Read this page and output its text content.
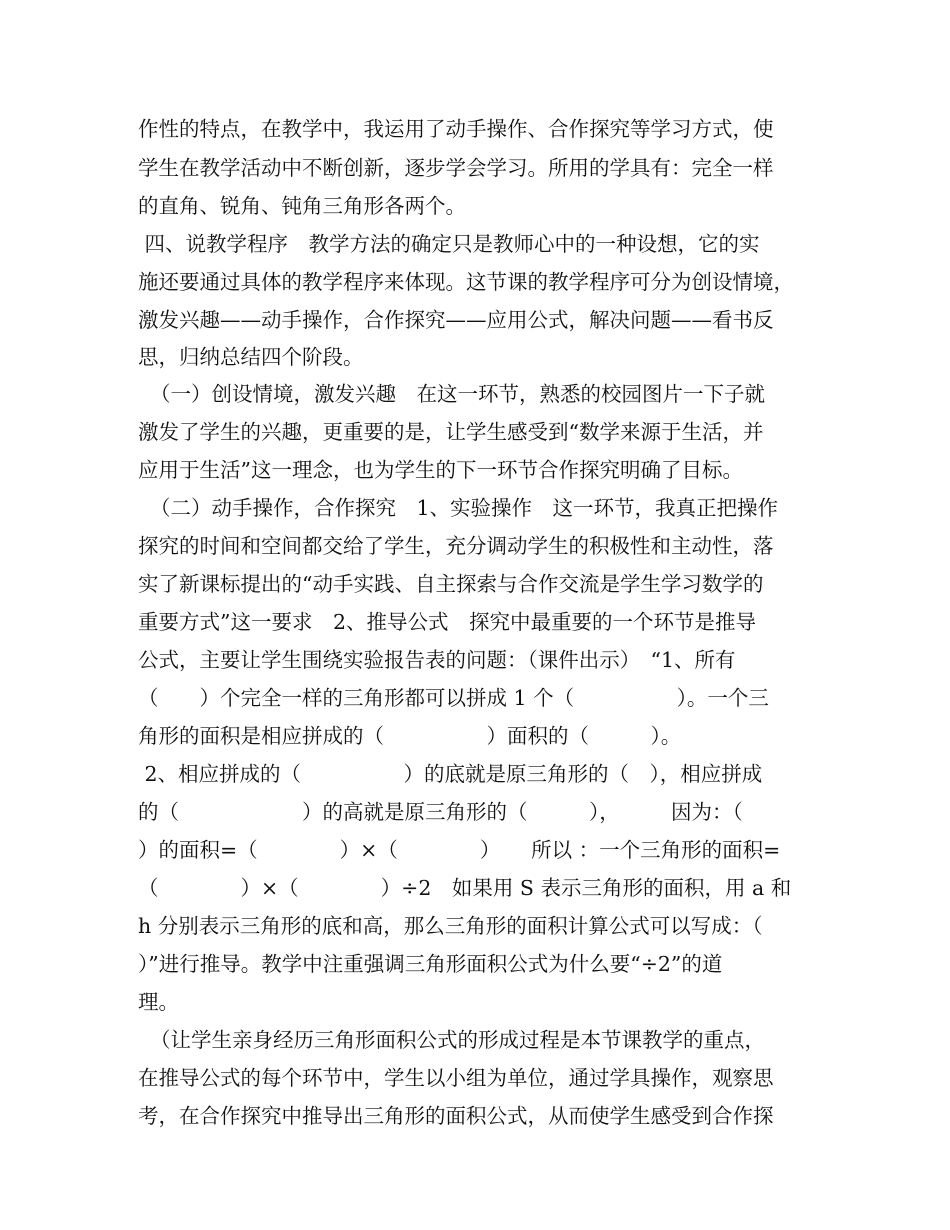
作性的特点，在教学中，我运用了动手操作、合作探究等学习方式，使
学生在教学活动中不断创新，逐步学会学习。所用的学具有：完全一样
的直角、锐角、钝角三角形各两个。
四、说教学程序　教学方法的确定只是教师心中的一种设想，它的实
施还要通过具体的教学程序来体现。这节课的教学程序可分为创设情境，
激发兴趣——动手操作，合作探究——应用公式，解决问题——看书反
思，归纳总结四个阶段。
（一）创设情境，激发兴趣　在这一环节，熟悉的校园图片一下子就
激发了学生的兴趣，更重要的是，让学生感受到“数学来源于生活，并
应用于生活”这一理念，也为学生的下一环节合作探究明确了目标。
（二）动手操作，合作探究　1、实验操作　这一环节，我真正把操作
探究的时间和空间都交给了学生，充分调动学生的积极性和主动性，落
实了新课标提出的“动手实践、自主探索与合作交流是学生学习数学的
重要方式”这一要求　2、推导公式　探究中最重要的一个环节是推导
公式，主要让学生围绕实验报告表的问题：（课件出示）　“1、所有
（　　）个完全一样的三角形都可以拼成 1 个（　　　　　）。一个三
角形的面积是相应拼成的（　　　　　）面积的（　　　）。
2、相应拼成的（　　　　　）的底就是原三角形的（　），相应拼成
的（　　　　　　）的高就是原三角形的（　　　），　　　因为：（
）的面积=（　　　　）×（　　　　）　　所以 ：一个三角形的面积=
（　　　　）×（　　　　）÷2　如果用 S 表示三角形的面积，用 a 和
h 分别表示三角形的底和高，那么三角形的面积计算公式可以写成：（
）”进行推导。教学中注重强调三角形面积公式为什么要“÷2”的道
理。
（让学生亲身经历三角形面积公式的形成过程是本节课教学的重点，
在推导公式的每个环节中，学生以小组为单位，通过学具操作，观察思
考，在合作探究中推导出三角形的面积公式，从而使学生感受到合作探
